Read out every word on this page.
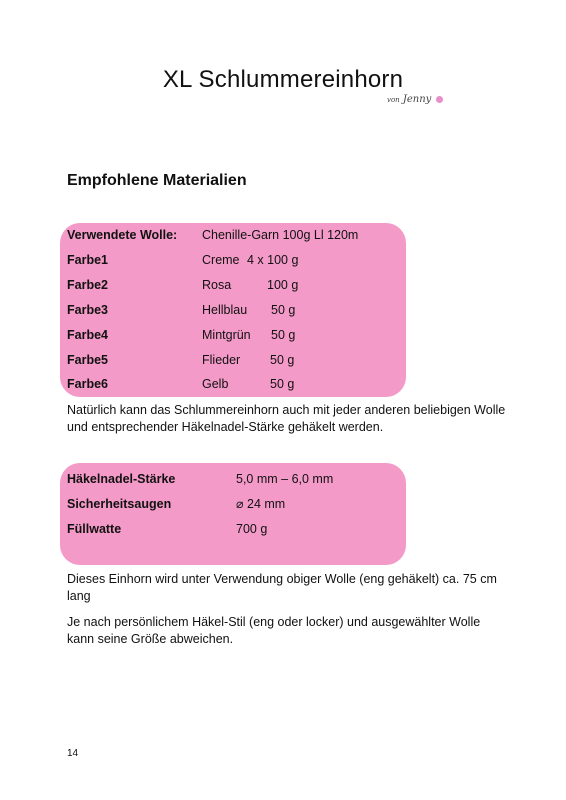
XL Schlummereinhorn
von Jenny
Empfohlene Materialien
Verwendete Wolle: Chenille-Garn 100g Ll 120m
Farbe1	Creme 4 x 100 g
Farbe2	Rosa	100 g
Farbe3	Hellblau 50 g
Farbe4	Mintgrün 50 g
Farbe5	Flieder 50 g
Farbe6	Gelb	50 g
Natürlich kann das Schlummereinhorn auch mit jeder anderen beliebigen Wolle und entsprechender Häkelnadel-Stärke gehäkelt werden.
Häkelnadel-Stärke	5,0 mm – 6,0 mm
Sicherheitsaugen	⌀ 24 mm
Füllwatte	700 g
Dieses Einhorn wird unter Verwendung obiger Wolle (eng gehäkelt) ca. 75 cm lang
Je nach persönlichem Häkel-Stil (eng oder locker) und ausgewählter Wolle kann seine Größe abweichen.
14
